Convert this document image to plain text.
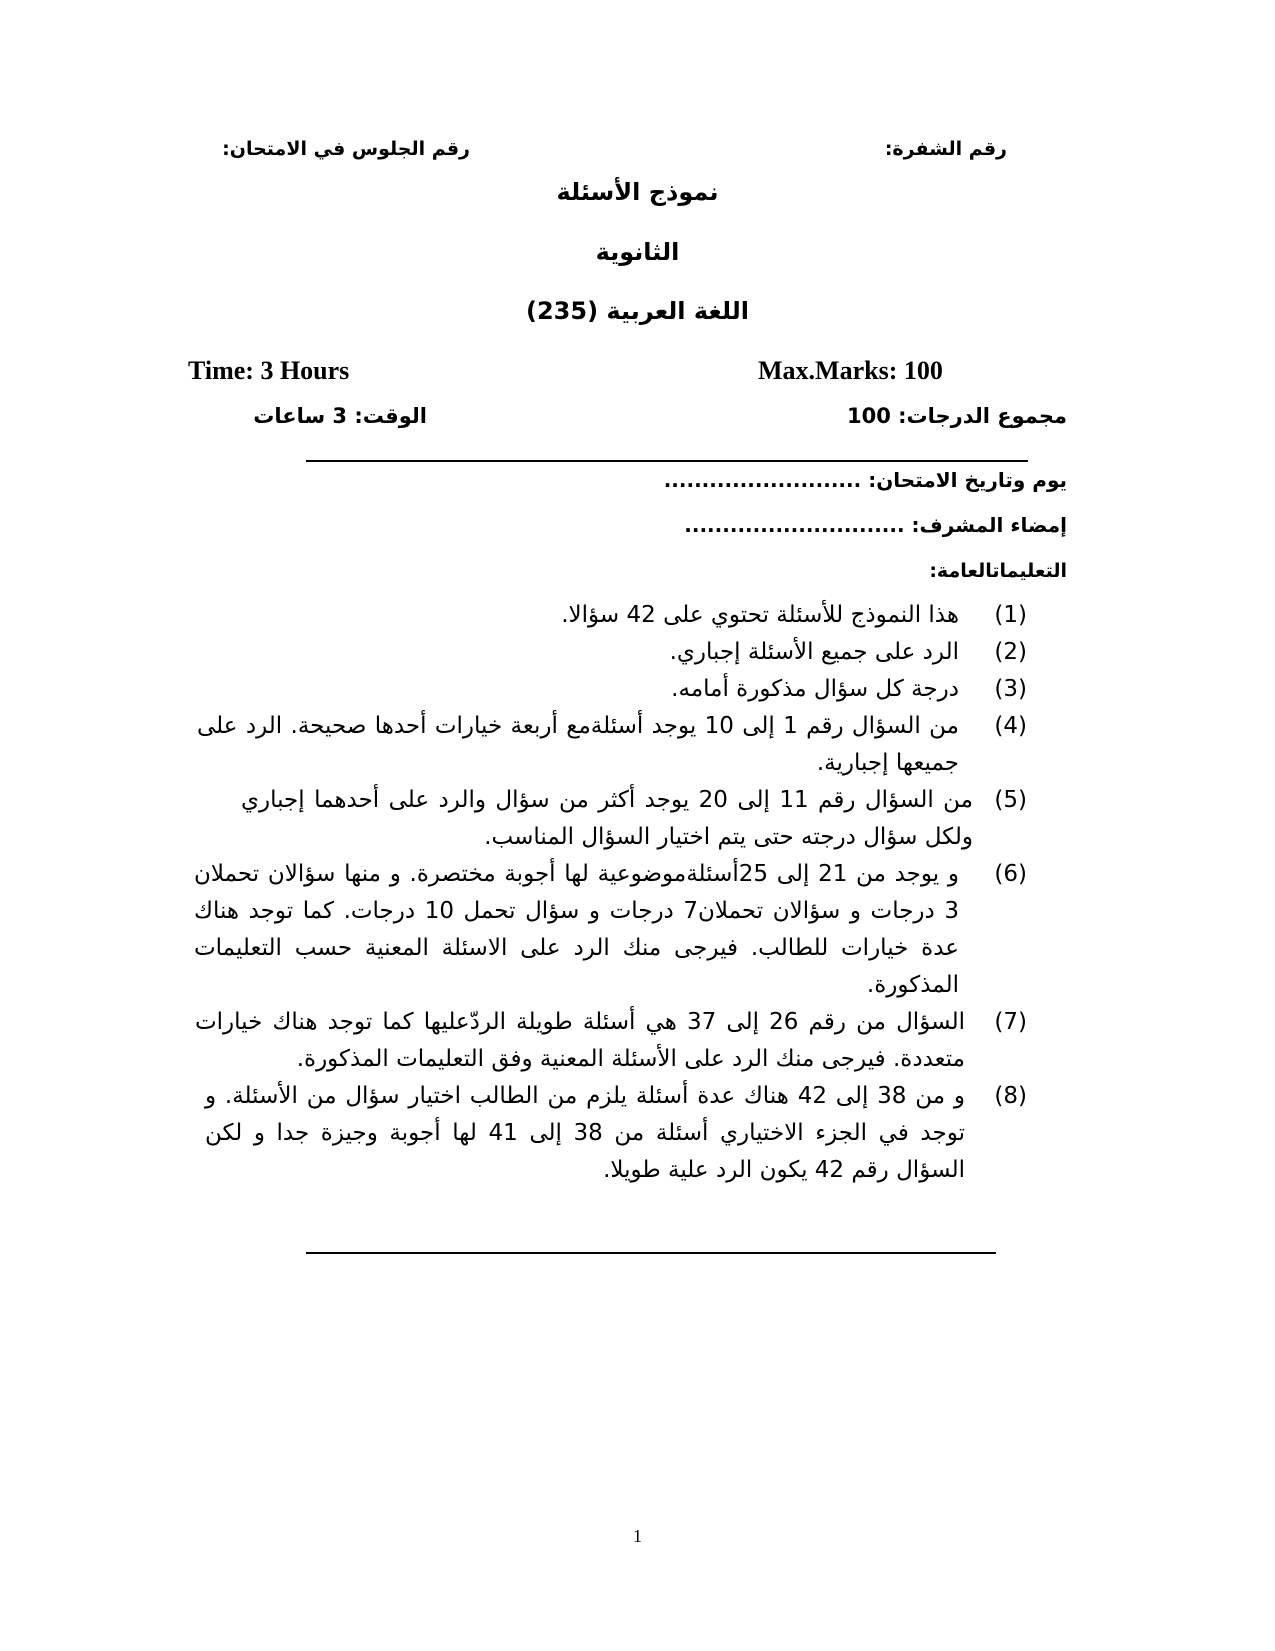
رقم الشفرة:
رقم الجلوس في الامتحان:
نموذج الأسئلة
الثانوية
اللغة العربية (235)
Time: 3 Hours	Max.Marks: 100
مجموع الدرجات: 100
الوقت: 3 ساعات
يوم وتاريخ الامتحان: ..........................
إمضاء المشرف: .............................
التعليماتالعامة:
(1)
هذا النموذج للأسئلة تحتوي على 42 سؤالا.
(2)
الرد على جميع الأسئلة إجباري.
(3)
درجة كل سؤال مذكورة أمامه.
(4)
من السؤال رقم 1 إلى 10 يوجد أسئلةمع أربعة خيارات أحدها صحيحة. الرد على جميعها إجبارية.
(5)
من السؤال رقم 11 إلى 20 يوجد أكثر من سؤال والرد على أحدهما إجباري ولكل سؤال درجته حتى يتم اختيار السؤال المناسب.
(6)
و يوجد من 21 إلى 25أسئلةموضوعية لها أجوبة مختصرة. و منها سؤالان تحملان 3 درجات و سؤالان تحملان7 درجات و سؤال تحمل 10 درجات. كما توجد هناك عدة خيارات للطالب. فيرجى منك الرد على الاسئلة المعنية حسب التعليمات المذكورة.
(7)
السؤال من رقم 26 إلى 37 هي أسئلة طويلة الردّعليها كما توجد هناك خيارات متعددة. فيرجى منك الرد على الأسئلة المعنية وفق التعليمات المذكورة.
(8)
و من 38 إلى 42 هناك عدة أسئلة يلزم من الطالب اختيار سؤال من الأسئلة. و توجد في الجزء الاختياري أسئلة من 38 إلى 41 لها أجوبة وجيزة جدا و لكن السؤال رقم 42 يكون الرد علية طويلا.
1
